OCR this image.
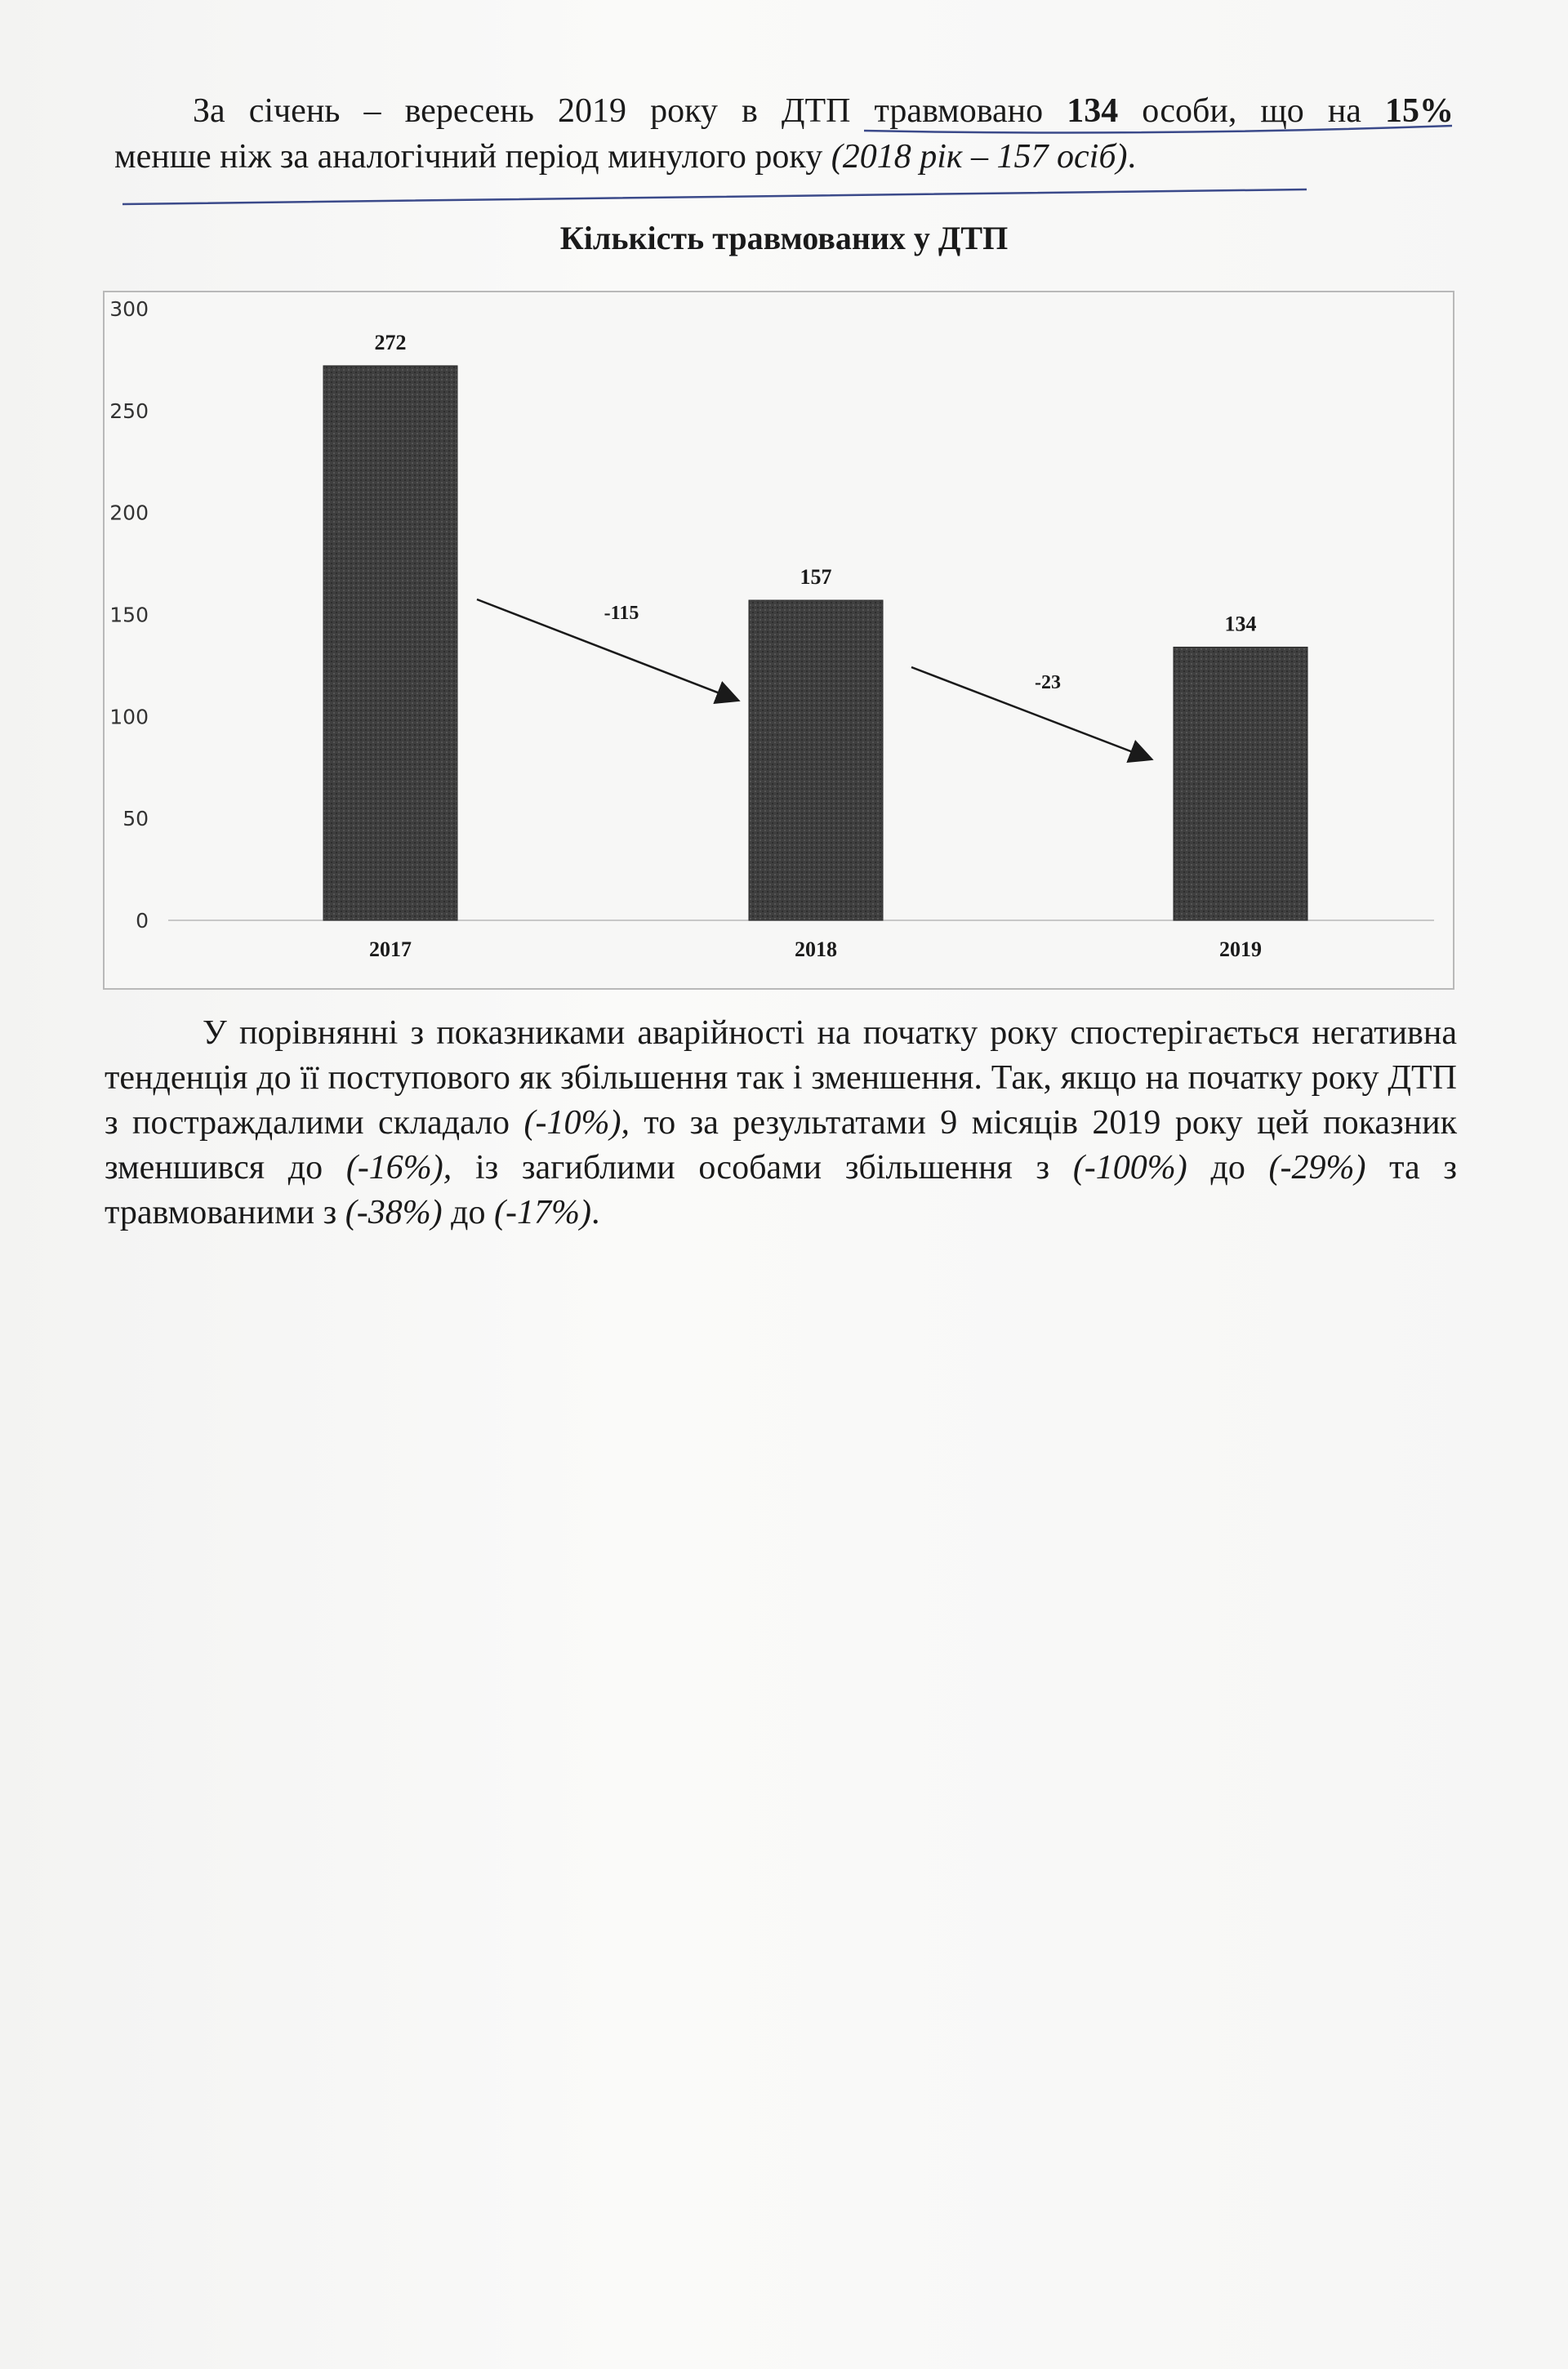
За січень – вересень 2019 року в ДТП травмовано 134 особи, що на 15%
менше ніж за аналогічний період минулого року (2018 рік – 157 осіб).
Кількість травмованих у ДТП
0
50
100
150
200
250
300
272
157
134
2017	2018	2019
-115
-23
У порівнянні з показниками аварійності на початку року спостерігається негативна тенденція до її поступового як збільшення так і зменшення. Так, якщо на початку року ДТП з постраждалими складало (-10%), то за результатами 9 місяців 2019 року цей показник зменшився до (-16%), із загиблими особами збільшення з (-100%) до (-29%) та з травмованими з (-38%) до (-17%).
